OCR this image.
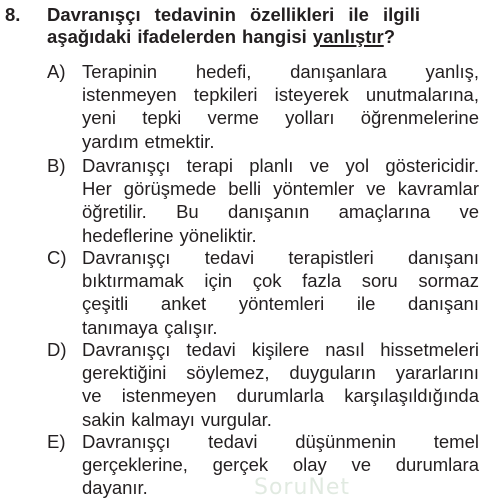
8. Davranışçı tedavinin özellikleri ile ilgili
aşağıdaki ifadelerden hangisi yanlıştır?
A) Terapinin hedefi, danışanlara yanlış,
istenmeyen tepkileri isteyerek unutmalarına,
yeni tepki verme yolları öğrenmelerine
yardım etmektir.
B) Davranışçı terapi planlı ve yol göstericidir.
Her görüşmede belli yöntemler ve kavramlar
öğretilir. Bu danışanın amaçlarına ve
hedeflerine yöneliktir.
C) Davranışçı tedavi terapistleri danışanı
bıktırmamak için çok fazla soru sormaz
çeşitli anket yöntemleri ile danışanı
tanımaya çalışır.
D) Davranışçı tedavi kişilere nasıl hissetmeleri
gerektiğini söylemez, duyguların yararlarını
ve istenmeyen durumlarla karşılaşıldığında
sakin kalmayı vurgular.
E) Davranışçı tedavi düşünmenin temel
gerçeklerine, gerçek olay ve durumlara
dayanır.	SoruNet
